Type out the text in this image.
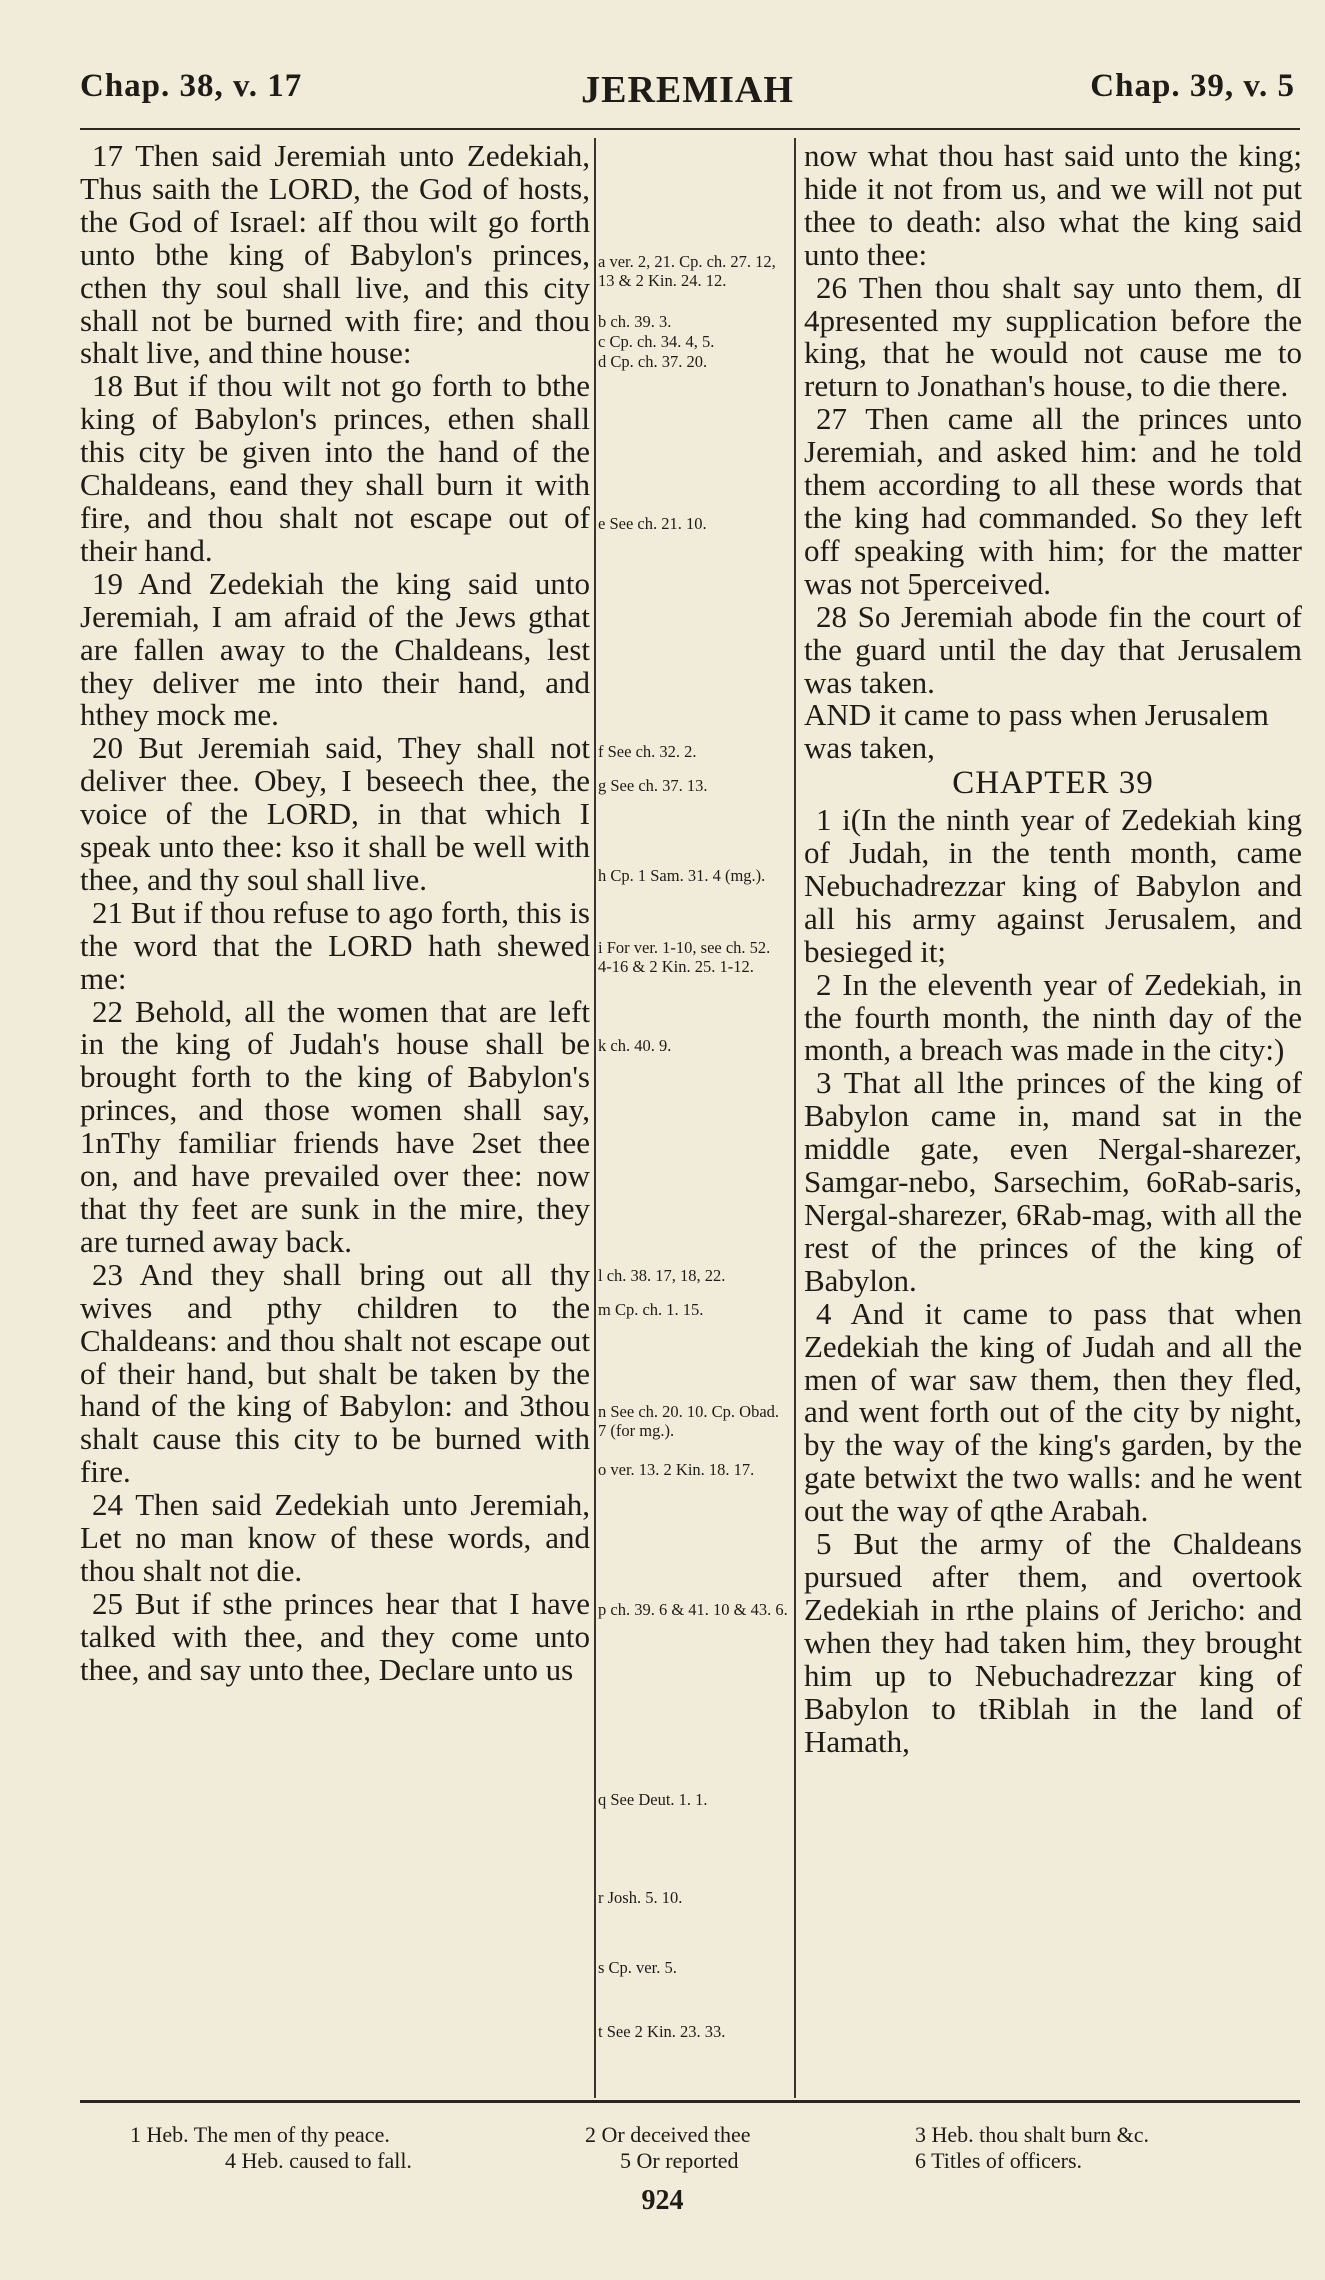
Chap. 38, v. 17	JEREMIAH	Chap. 39, v. 5

17 Then said Jeremiah unto Zedekiah, Thus saith the LORD, the God of hosts, the God of Israel: aIf thou wilt go forth unto bthe king of Babylon's princes, cthen thy soul shall live, and this city shall not be burned with fire; and thou shalt live, and thine house:

18 But if thou wilt not go forth to bthe king of Babylon's princes, ethen shall this city be given into the hand of the Chaldeans, eand they shall burn it with fire, and thou shalt not escape out of their hand.

19 And Zedekiah the king said unto Jeremiah, I am afraid of the Jews gthat are fallen away to the Chaldeans, lest they deliver me into their hand, and hthey mock me.

20 But Jeremiah said, They shall not deliver thee. Obey, I beseech thee, the voice of the LORD, in that which I speak unto thee: kso it shall be well with thee, and thy soul shall live.

21 But if thou refuse to ago forth, this is the word that the LORD hath shewed me:

22 Behold, all the women that are left in the king of Judah's house shall be brought forth to the king of Babylon's princes, and those women shall say, 1nThy familiar friends have 2set thee on, and have prevailed over thee: now that thy feet are sunk in the mire, they are turned away back.

23 And they shall bring out all thy wives and pthy children to the Chaldeans: and thou shalt not escape out of their hand, but shalt be taken by the hand of the king of Babylon: and 3thou shalt cause this city to be burned with fire.

24 Then said Zedekiah unto Jeremiah, Let no man know of these words, and thou shalt not die.

25 But if sthe princes hear that I have talked with thee, and they come unto thee, and say unto thee, Declare unto us

a ver. 2, 21. Cp. ch. 27. 12, 13 & 2 Kin. 24. 12.
b ch. 39. 3.
c Cp. ch. 34. 4, 5.
d Cp. ch. 37. 20.
e See ch. 21. 10.
f See ch. 32. 2.
g See ch. 37. 13.
h Cp. 1 Sam. 31. 4 (mg.).
i For ver. 1-10, see ch. 52. 4-16 & 2 Kin. 25. 1-12.
k ch. 40. 9.
l ch. 38. 17, 18, 22.
m Cp. ch. 1. 15.
n See ch. 20. 10. Cp. Obad. 7 (for mg.).
o ver. 13. 2 Kin. 18. 17.
p ch. 39. 6 & 41. 10 & 43. 6.
q See Deut. 1. 1.
r Josh. 5. 10.
s Cp. ver. 5.
t See 2 Kin. 23. 33.

now what thou hast said unto the king; hide it not from us, and we will not put thee to death: also what the king said unto thee:

26 Then thou shalt say unto them, dI 4presented my supplication before the king, that he would not cause me to return to Jonathan's house, to die there.

27 Then came all the princes unto Jeremiah, and asked him: and he told them according to all these words that the king had commanded. So they left off speaking with him; for the matter was not 5perceived.

28 So Jeremiah abode fin the court of the guard until the day that Jerusalem was taken.

AND it came to pass when Jerusalem was taken,

CHAPTER 39

1 i(In the ninth year of Zedekiah king of Judah, in the tenth month, came Nebuchadrezzar king of Babylon and all his army against Jerusalem, and besieged it;

2 In the eleventh year of Zedekiah, in the fourth month, the ninth day of the month, a breach was made in the city:)

3 That all lthe princes of the king of Babylon came in, mand sat in the middle gate, even Nergal-sharezer, Samgar-nebo, Sarsechim, 6oRab-saris, Nergal-sharezer, 6Rab-mag, with all the rest of the princes of the king of Babylon.

4 And it came to pass that when Zedekiah the king of Judah and all the men of war saw them, then they fled, and went forth out of the city by night, by the way of the king's garden, by the gate betwixt the two walls: and he went out the way of qthe Arabah.

5 But the army of the Chaldeans pursued after them, and overtook Zedekiah in rthe plains of Jericho: and when they had taken him, they brought him up to Nebuchadrezzar king of Babylon to tRiblah in the land of Hamath,

1 Heb. The men of thy peace.	2 Or deceived thee	3 Heb. thou shalt burn &c.
4 Heb. caused to fall.	5 Or reported	6 Titles of officers.
924
